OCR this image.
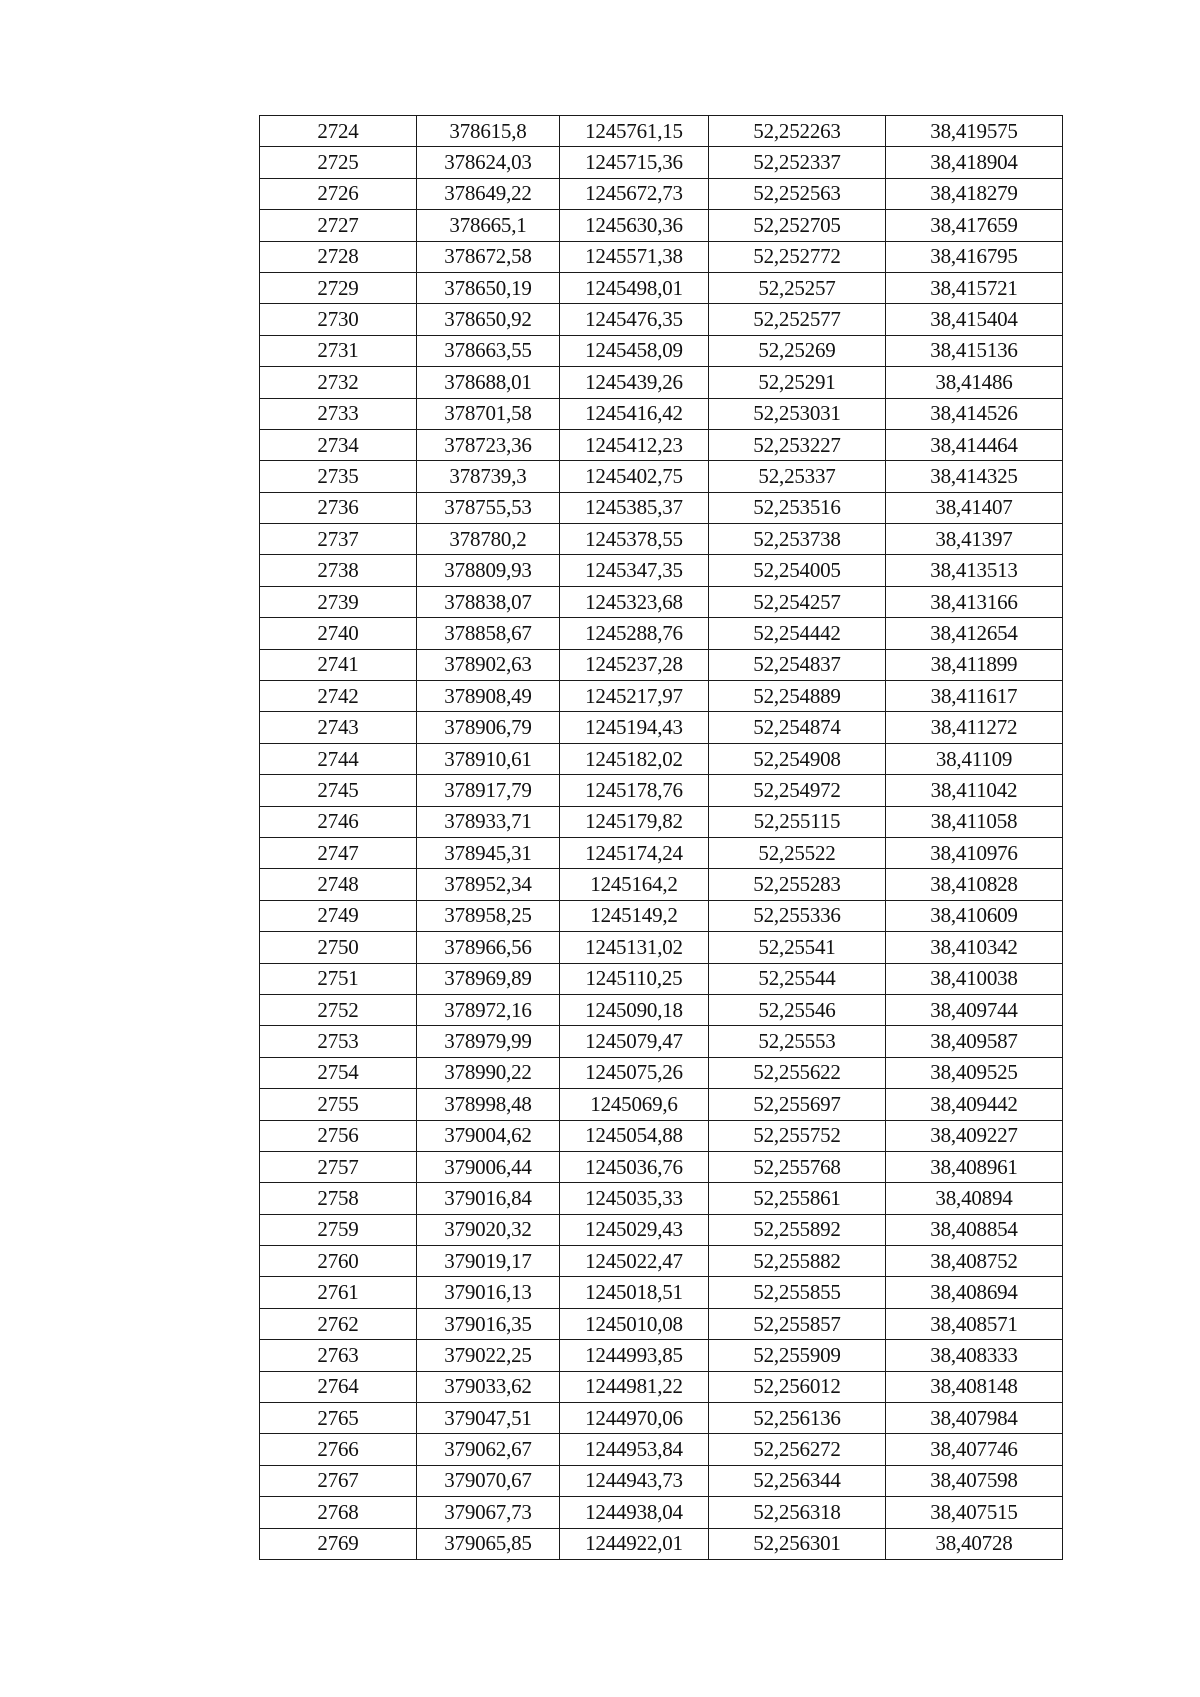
2724	378615,8	1245761,15	52,252263	38,419575
2725	378624,03	1245715,36	52,252337	38,418904
2726	378649,22	1245672,73	52,252563	38,418279
2727	378665,1	1245630,36	52,252705	38,417659
2728	378672,58	1245571,38	52,252772	38,416795
2729	378650,19	1245498,01	52,25257	38,415721
2730	378650,92	1245476,35	52,252577	38,415404
2731	378663,55	1245458,09	52,25269	38,415136
2732	378688,01	1245439,26	52,25291	38,41486
2733	378701,58	1245416,42	52,253031	38,414526
2734	378723,36	1245412,23	52,253227	38,414464
2735	378739,3	1245402,75	52,25337	38,414325
2736	378755,53	1245385,37	52,253516	38,41407
2737	378780,2	1245378,55	52,253738	38,41397
2738	378809,93	1245347,35	52,254005	38,413513
2739	378838,07	1245323,68	52,254257	38,413166
2740	378858,67	1245288,76	52,254442	38,412654
2741	378902,63	1245237,28	52,254837	38,411899
2742	378908,49	1245217,97	52,254889	38,411617
2743	378906,79	1245194,43	52,254874	38,411272
2744	378910,61	1245182,02	52,254908	38,41109
2745	378917,79	1245178,76	52,254972	38,411042
2746	378933,71	1245179,82	52,255115	38,411058
2747	378945,31	1245174,24	52,25522	38,410976
2748	378952,34	1245164,2	52,255283	38,410828
2749	378958,25	1245149,2	52,255336	38,410609
2750	378966,56	1245131,02	52,25541	38,410342
2751	378969,89	1245110,25	52,25544	38,410038
2752	378972,16	1245090,18	52,25546	38,409744
2753	378979,99	1245079,47	52,25553	38,409587
2754	378990,22	1245075,26	52,255622	38,409525
2755	378998,48	1245069,6	52,255697	38,409442
2756	379004,62	1245054,88	52,255752	38,409227
2757	379006,44	1245036,76	52,255768	38,408961
2758	379016,84	1245035,33	52,255861	38,40894
2759	379020,32	1245029,43	52,255892	38,408854
2760	379019,17	1245022,47	52,255882	38,408752
2761	379016,13	1245018,51	52,255855	38,408694
2762	379016,35	1245010,08	52,255857	38,408571
2763	379022,25	1244993,85	52,255909	38,408333
2764	379033,62	1244981,22	52,256012	38,408148
2765	379047,51	1244970,06	52,256136	38,407984
2766	379062,67	1244953,84	52,256272	38,407746
2767	379070,67	1244943,73	52,256344	38,407598
2768	379067,73	1244938,04	52,256318	38,407515
2769	379065,85	1244922,01	52,256301	38,40728
